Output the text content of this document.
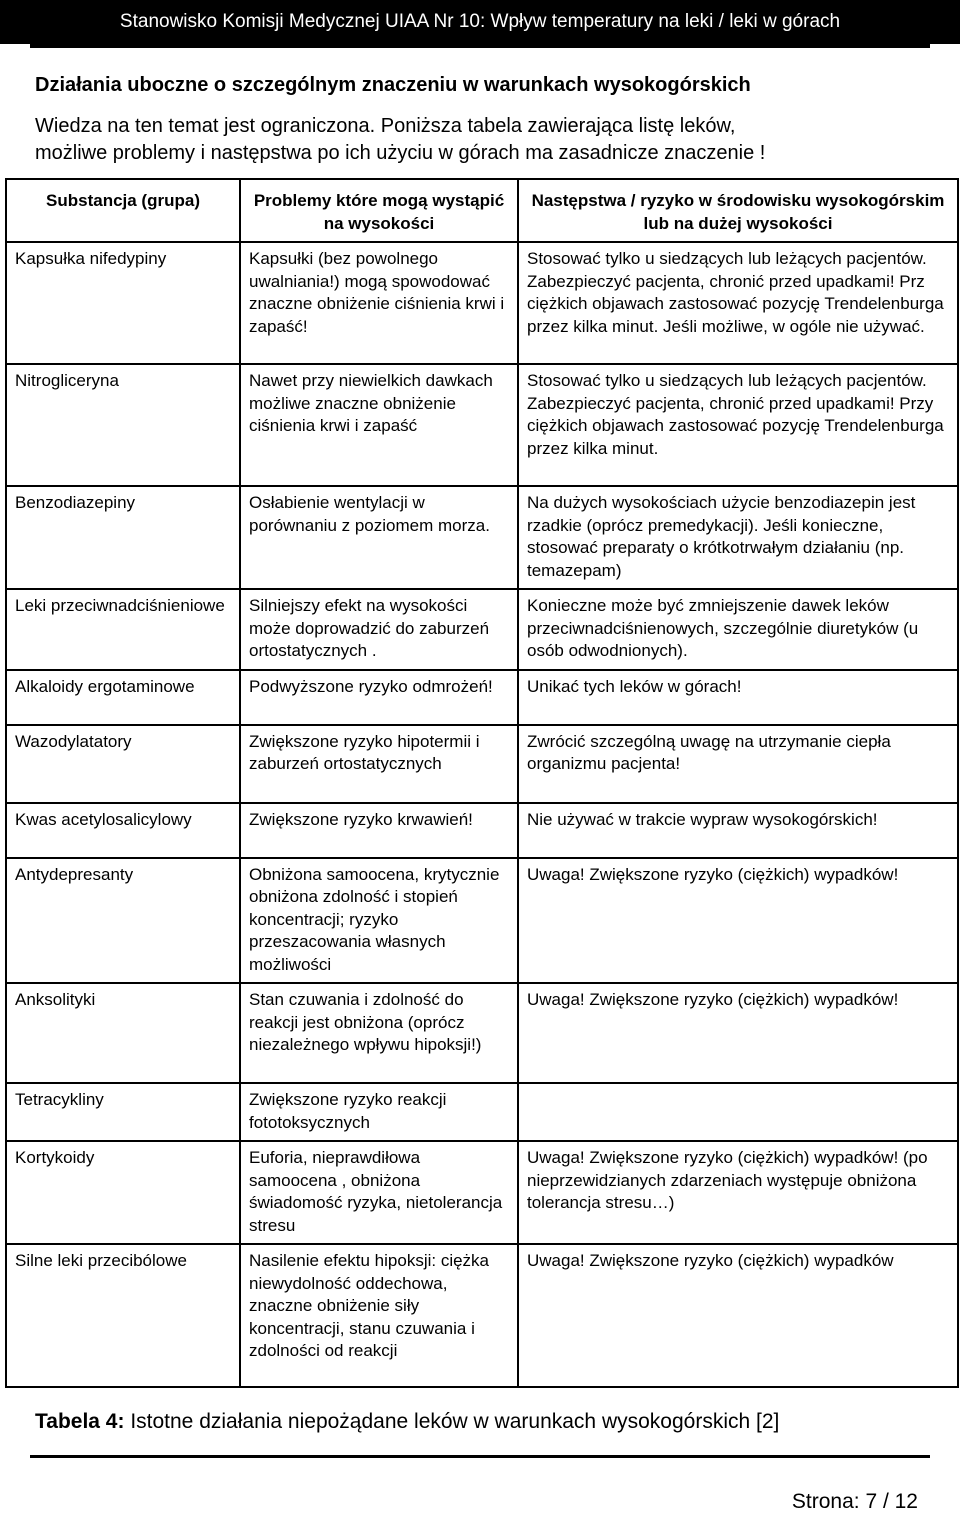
Stanowisko Komisji Medycznej UIAA Nr 10: Wpływ temperatury na leki / leki w górach
Działania uboczne o szczególnym znaczeniu w warunkach wysokogórskich
Wiedza na ten temat jest ograniczona. Poniższa tabela zawierająca listę leków,
możliwe problemy i następstwa po ich użyciu w górach ma zasadnicze znaczenie !
Substancja (grupa)	Problemy które mogą wystąpić na wysokości	Następstwa / ryzyko w środowisku wysokogórskim lub na dużej wysokości
Kapsułka nifedypiny	Kapsułki (bez powolnego uwalniania!) mogą spowodować znaczne obniżenie ciśnienia krwi i zapaść!	Stosować tylko u siedzących lub leżących pacjentów. Zabezpieczyć pacjenta, chronić przed upadkami! Prz ciężkich objawach zastosować pozycję Trendelenburga przez kilka minut. Jeśli możliwe, w ogóle nie używać.
Nitrogliceryna	Nawet przy niewielkich dawkach możliwe znaczne obniżenie ciśnienia krwi i zapaść	Stosować tylko u siedzących lub leżących pacjentów. Zabezpieczyć pacjenta, chronić przed upadkami! Przy ciężkich objawach zastosować pozycję Trendelenburga przez kilka minut.
Benzodiazepiny	Osłabienie wentylacji w porównaniu z poziomem morza.	Na dużych wysokościach użycie benzodiazepin jest rzadkie (oprócz premedykacji). Jeśli konieczne, stosować preparaty o krótkotrwałym działaniu (np. temazepam)
Leki przeciwnadciśnieniowe	Silniejszy efekt na wysokości może doprowadzić do zaburzeń ortostatycznych .	Konieczne może być zmniejszenie dawek leków przeciwnadciśnienowych, szczególnie diuretyków (u osób odwodnionych).
Alkaloidy ergotaminowe	Podwyższone ryzyko odmrożeń!	Unikać tych leków w górach!
Wazodylatatory	Zwiększone ryzyko hipotermii i zaburzeń ortostatycznych	Zwrócić szczególną uwagę na utrzymanie ciepła organizmu pacjenta!
Kwas acetylosalicylowy	Zwiększone ryzyko krwawień!	Nie używać w trakcie wypraw wysokogórskich!
Antydepresanty	Obniżona samoocena, krytycznie obniżona zdolność i stopień koncentracji; ryzyko przeszacowania własnych możliwości	Uwaga! Zwiększone ryzyko (ciężkich) wypadków!
Anksolityki	Stan czuwania i zdolność do reakcji jest obniżona (oprócz niezależnego wpływu hipoksji!)	Uwaga! Zwiększone ryzyko (ciężkich) wypadków!
Tetracykliny	Zwiększone ryzyko reakcji fototoksycznych	
Kortykoidy	Euforia, nieprawdiłowa samoocena , obniżona świadomość ryzyka, nietolerancja stresu	Uwaga! Zwiększone ryzyko (ciężkich) wypadków! (po nieprzewidzianych zdarzeniach występuje obniżona tolerancja stresu…)
Silne leki przecibólowe	Nasilenie efektu hipoksji: ciężka niewydolność oddechowa, znaczne obniżenie siły koncentracji, stanu czuwania i zdolności od reakcji	Uwaga! Zwiększone ryzyko (ciężkich) wypadków
Tabela 4: Istotne działania niepożądane leków w warunkach wysokogórskich [2]
Strona: 7 / 12
